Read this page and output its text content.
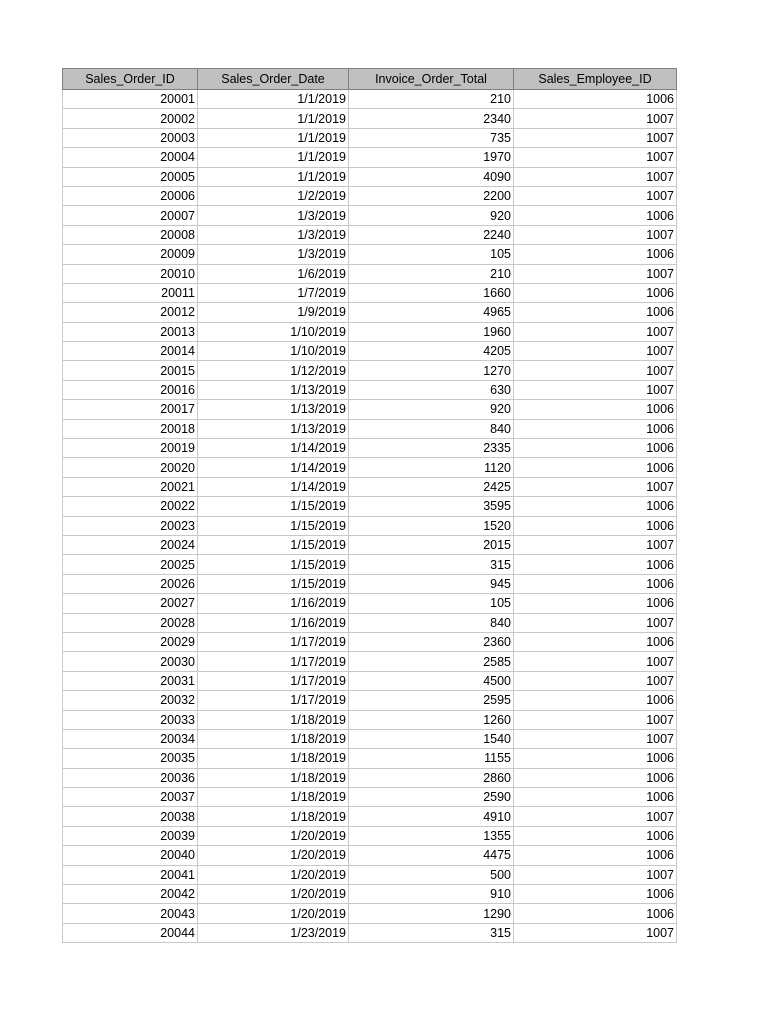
Sales_Order_ID	Sales_Order_Date	Invoice_Order_Total	Sales_Employee_ID
20001	1/1/2019	210	1006
20002	1/1/2019	2340	1007
20003	1/1/2019	735	1007
20004	1/1/2019	1970	1007
20005	1/1/2019	4090	1007
20006	1/2/2019	2200	1007
20007	1/3/2019	920	1006
20008	1/3/2019	2240	1007
20009	1/3/2019	105	1006
20010	1/6/2019	210	1007
20011	1/7/2019	1660	1006
20012	1/9/2019	4965	1006
20013	1/10/2019	1960	1007
20014	1/10/2019	4205	1007
20015	1/12/2019	1270	1007
20016	1/13/2019	630	1007
20017	1/13/2019	920	1006
20018	1/13/2019	840	1006
20019	1/14/2019	2335	1006
20020	1/14/2019	1120	1006
20021	1/14/2019	2425	1007
20022	1/15/2019	3595	1006
20023	1/15/2019	1520	1006
20024	1/15/2019	2015	1007
20025	1/15/2019	315	1006
20026	1/15/2019	945	1006
20027	1/16/2019	105	1006
20028	1/16/2019	840	1007
20029	1/17/2019	2360	1006
20030	1/17/2019	2585	1007
20031	1/17/2019	4500	1007
20032	1/17/2019	2595	1006
20033	1/18/2019	1260	1007
20034	1/18/2019	1540	1007
20035	1/18/2019	1155	1006
20036	1/18/2019	2860	1006
20037	1/18/2019	2590	1006
20038	1/18/2019	4910	1007
20039	1/20/2019	1355	1006
20040	1/20/2019	4475	1006
20041	1/20/2019	500	1007
20042	1/20/2019	910	1006
20043	1/20/2019	1290	1006
20044	1/23/2019	315	1007
